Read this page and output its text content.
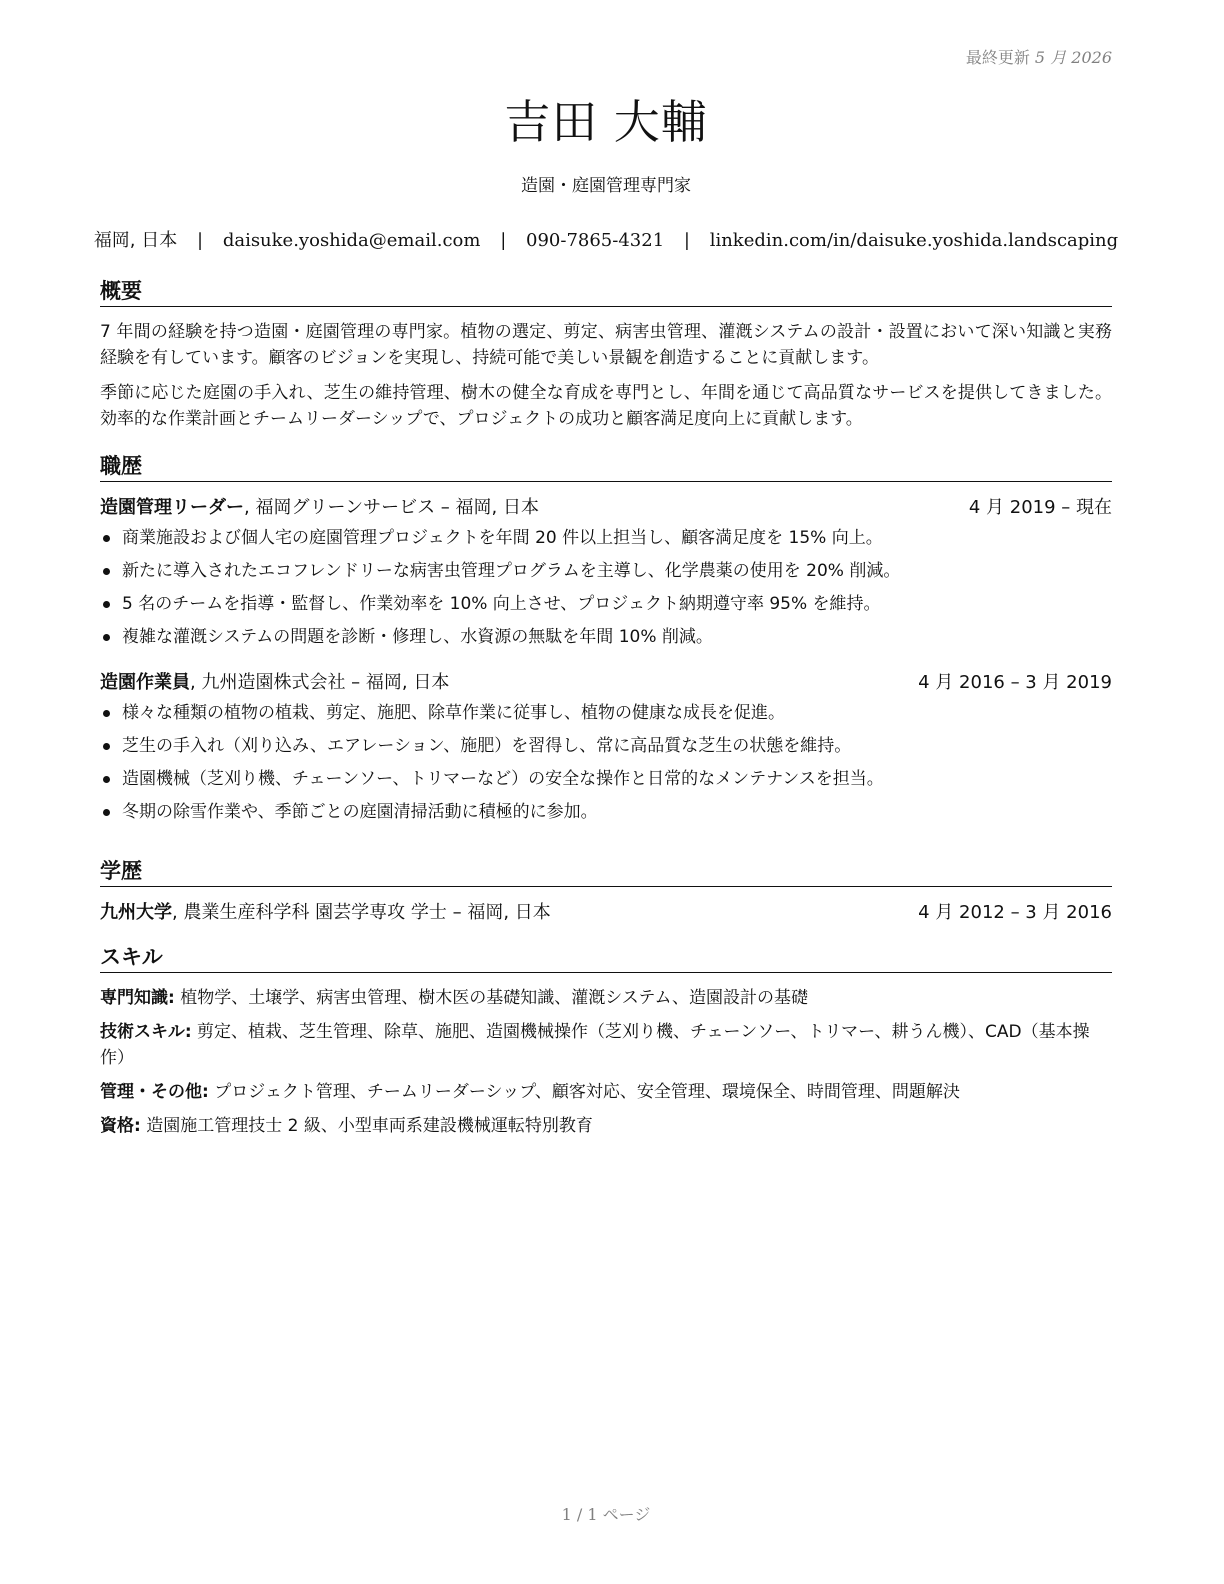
最終更新 5 月 2026
吉田 大輔
造園・庭園管理専門家
福岡, 日本 | daisuke.yoshida@email.com | 090-7865-4321 | linkedin.com/in/daisuke.yoshida.landscaping
概要
7 年間の経験を持つ造園・庭園管理の専門家。植物の選定、剪定、病害虫管理、灌漑システムの設計・設置において深い知識と実務経験を有しています。顧客のビジョンを実現し、持続可能で美しい景観を創造することに貢献します。
季節に応じた庭園の手入れ、芝生の維持管理、樹木の健全な育成を専門とし、年間を通じて高品質なサービスを提供してきました。効率的な作業計画とチームリーダーシップで、プロジェクトの成功と顧客満足度向上に貢献します。
職歴
造園管理リーダー, 福岡グリーンサービス – 福岡, 日本	4 月 2019 – 現在
商業施設および個人宅の庭園管理プロジェクトを年間 20 件以上担当し、顧客満足度を 15% 向上。
新たに導入されたエコフレンドリーな病害虫管理プログラムを主導し、化学農薬の使用を 20% 削減。
5 名のチームを指導・監督し、作業効率を 10% 向上させ、プロジェクト納期遵守率 95% を維持。
複雑な灌漑システムの問題を診断・修理し、水資源の無駄を年間 10% 削減。
造園作業員, 九州造園株式会社 – 福岡, 日本	4 月 2016 – 3 月 2019
様々な種類の植物の植栽、剪定、施肥、除草作業に従事し、植物の健康な成長を促進。
芝生の手入れ（刈り込み、エアレーション、施肥）を習得し、常に高品質な芝生の状態を維持。
造園機械（芝刈り機、チェーンソー、トリマーなど）の安全な操作と日常的なメンテナンスを担当。
冬期の除雪作業や、季節ごとの庭園清掃活動に積極的に参加。
学歴
九州大学, 農業生産科学科 園芸学専攻 学士 – 福岡, 日本	4 月 2012 – 3 月 2016
スキル
専門知識: 植物学、土壌学、病害虫管理、樹木医の基礎知識、灌漑システム、造園設計の基礎
技術スキル: 剪定、植栽、芝生管理、除草、施肥、造園機械操作（芝刈り機、チェーンソー、トリマー、耕うん機）、CAD（基本操作）
管理・その他: プロジェクト管理、チームリーダーシップ、顧客対応、安全管理、環境保全、時間管理、問題解決
資格: 造園施工管理技士 2 級、小型車両系建設機械運転特別教育
1 / 1 ページ
